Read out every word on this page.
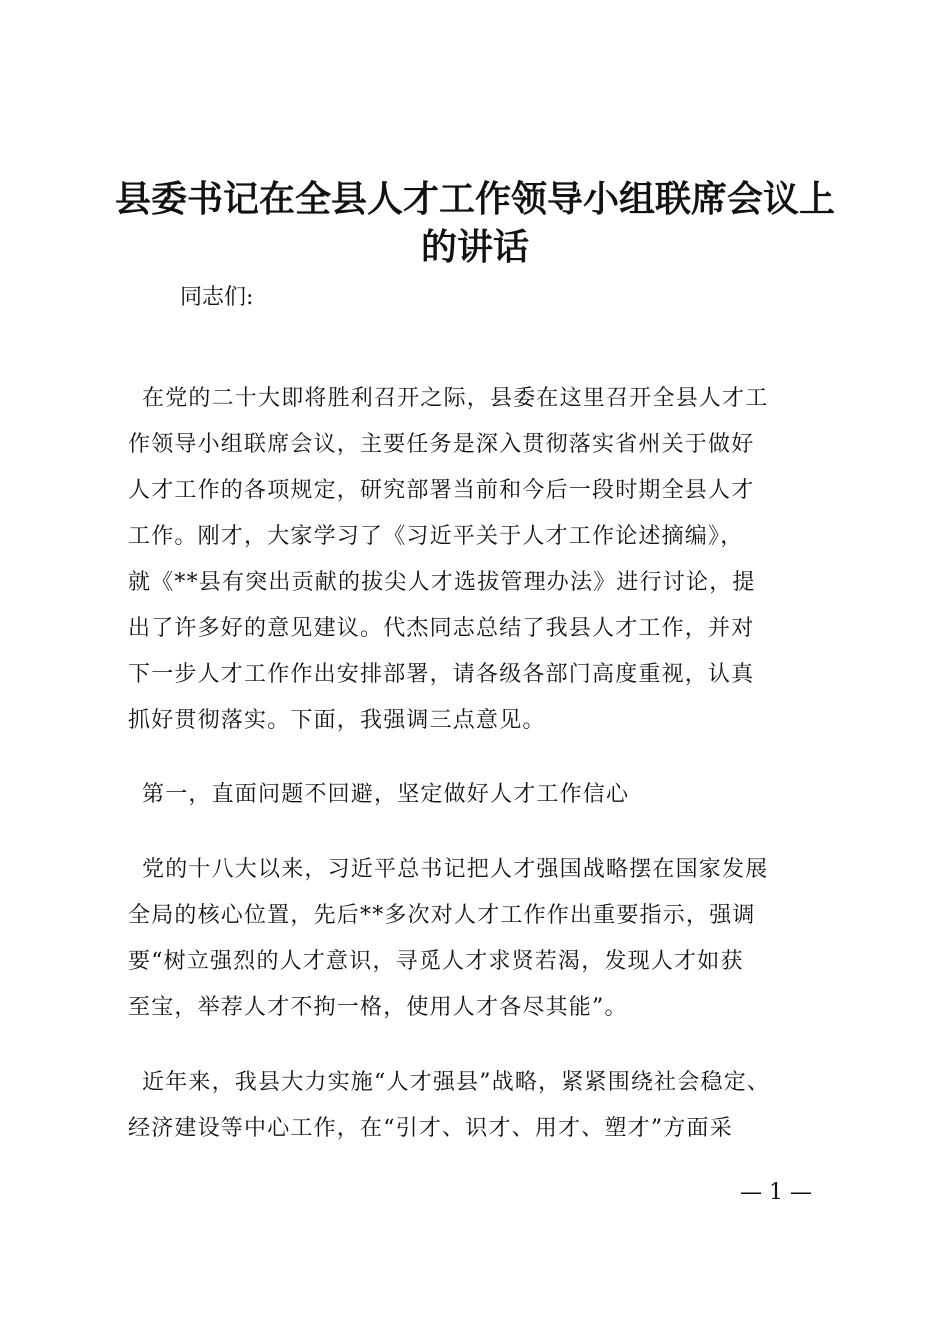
县委书记在全县人才工作领导小组联席会议上
的讲话
同志们:
在党的二十大即将胜利召开之际，县委在这里召开全县人才工
作领导小组联席会议，主要任务是深入贯彻落实省州关于做好
人才工作的各项规定，研究部署当前和今后一段时期全县人才
工作。刚才，大家学习了《习近平关于人才工作论述摘编》，
就《**县有突出贡献的拔尖人才选拔管理办法》进行讨论，提
出了许多好的意见建议。代杰同志总结了我县人才工作，并对
下一步人才工作作出安排部署，请各级各部门高度重视，认真
抓好贯彻落实。下面，我强调三点意见。
第一，直面问题不回避，坚定做好人才工作信心
党的十八大以来，习近平总书记把人才强国战略摆在国家发展
全局的核心位置，先后**多次对人才工作作出重要指示，强调
要“树立强烈的人才意识，寻觅人才求贤若渴，发现人才如获
至宝，举荐人才不拘一格，使用人才各尽其能”。
近年来，我县大力实施“人才强县”战略，紧紧围绕社会稳定、
经济建设等中心工作，在“引才、识才、用才、塑才”方面采
— 1 —
